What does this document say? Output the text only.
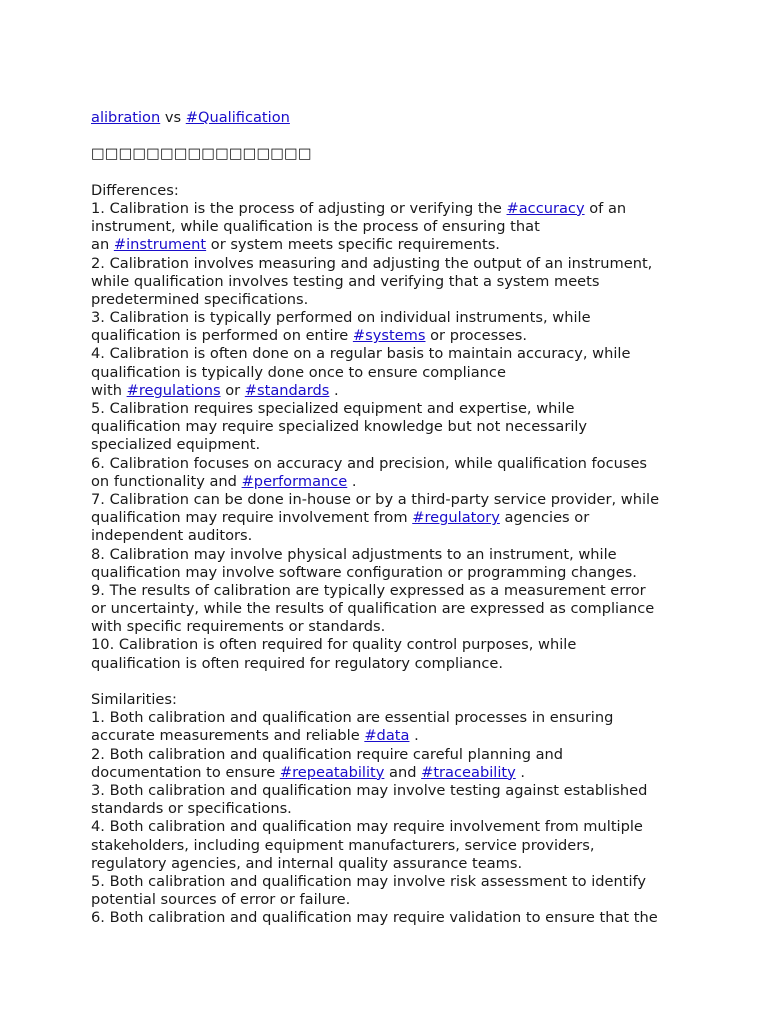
alibration vs #Qualification
□□□□□□□□□□□□□□□□
Differences:
1. Calibration is the process of adjusting or verifying the #accuracy of an
instrument, while qualification is the process of ensuring that
an #instrument or system meets specific requirements.
2. Calibration involves measuring and adjusting the output of an instrument,
while qualification involves testing and verifying that a system meets
predetermined specifications.
3. Calibration is typically performed on individual instruments, while
qualification is performed on entire #systems or processes.
4. Calibration is often done on a regular basis to maintain accuracy, while
qualification is typically done once to ensure compliance
with #regulations or #standards .
5. Calibration requires specialized equipment and expertise, while
qualification may require specialized knowledge but not necessarily
specialized equipment.
6. Calibration focuses on accuracy and precision, while qualification focuses
on functionality and #performance .
7. Calibration can be done in-house or by a third-party service provider, while
qualification may require involvement from #regulatory agencies or
independent auditors.
8. Calibration may involve physical adjustments to an instrument, while
qualification may involve software configuration or programming changes.
9. The results of calibration are typically expressed as a measurement error
or uncertainty, while the results of qualification are expressed as compliance
with specific requirements or standards.
10. Calibration is often required for quality control purposes, while
qualification is often required for regulatory compliance.
Similarities:
1. Both calibration and qualification are essential processes in ensuring
accurate measurements and reliable #data .
2. Both calibration and qualification require careful planning and
documentation to ensure #repeatability and #traceability .
3. Both calibration and qualification may involve testing against established
standards or specifications.
4. Both calibration and qualification may require involvement from multiple
stakeholders, including equipment manufacturers, service providers,
regulatory agencies, and internal quality assurance teams.
5. Both calibration and qualification may involve risk assessment to identify
potential sources of error or failure.
6. Both calibration and qualification may require validation to ensure that the
